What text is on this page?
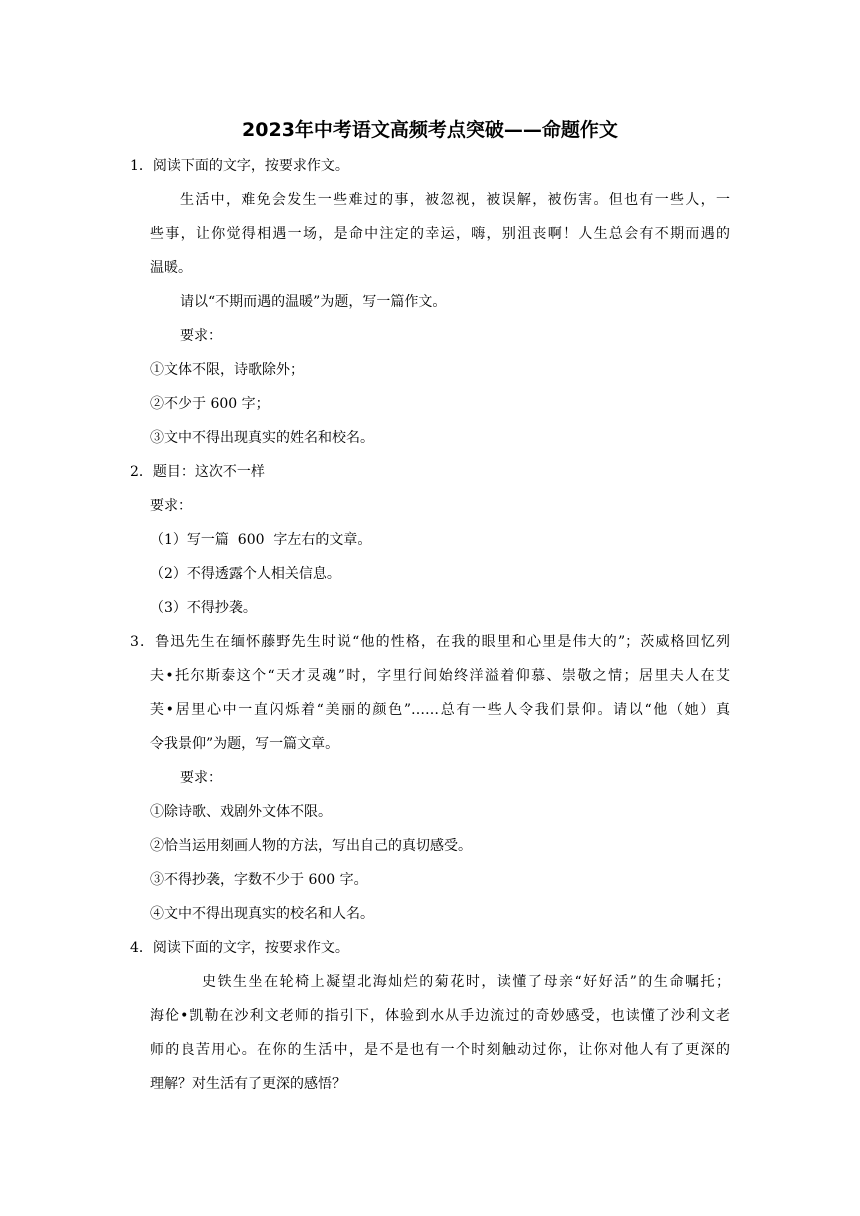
2023年中考语文高频考点突破——命题作文
1．阅读下面的文字，按要求作文。
生活中，难免会发生一些难过的事，被忽视，被误解，被伤害。但也有一些人，一
些事，让你觉得相遇一场，是命中注定的幸运，嗨，别沮丧啊！人生总会有不期而遇的
温暖。
请以“不期而遇的温暖”为题，写一篇作文。
要求：
①文体不限，诗歌除外；
②不少于 600 字；
③文中不得出现真实的姓名和校名。
2．题目：这次不一样
要求：
（1）写一篇  600  字左右的文章。
（2）不得透露个人相关信息。
（3）不得抄袭。
3．鲁迅先生在缅怀藤野先生时说“他的性格，在我的眼里和心里是伟大的”；茨威格回忆列
夫•托尔斯泰这个“天才灵魂”时，字里行间始终洋溢着仰慕、崇敬之情；居里夫人在艾
芙•居里心中一直闪烁着“美丽的颜色”……总有一些人令我们景仰。请以“他（她）真
令我景仰”为题，写一篇文章。
要求：
①除诗歌、戏剧外文体不限。
②恰当运用刻画人物的方法，写出自己的真切感受。
③不得抄袭，字数不少于 600 字。
④文中不得出现真实的校名和人名。
4．阅读下面的文字，按要求作文。
史铁生坐在轮椅上凝望北海灿烂的菊花时，读懂了母亲“好好活”的生命嘱托；
海伦•凯勒在沙利文老师的指引下，体验到水从手边流过的奇妙感受，也读懂了沙利文老
师的良苦用心。在你的生活中，是不是也有一个时刻触动过你，让你对他人有了更深的
理解？对生活有了更深的感悟？
